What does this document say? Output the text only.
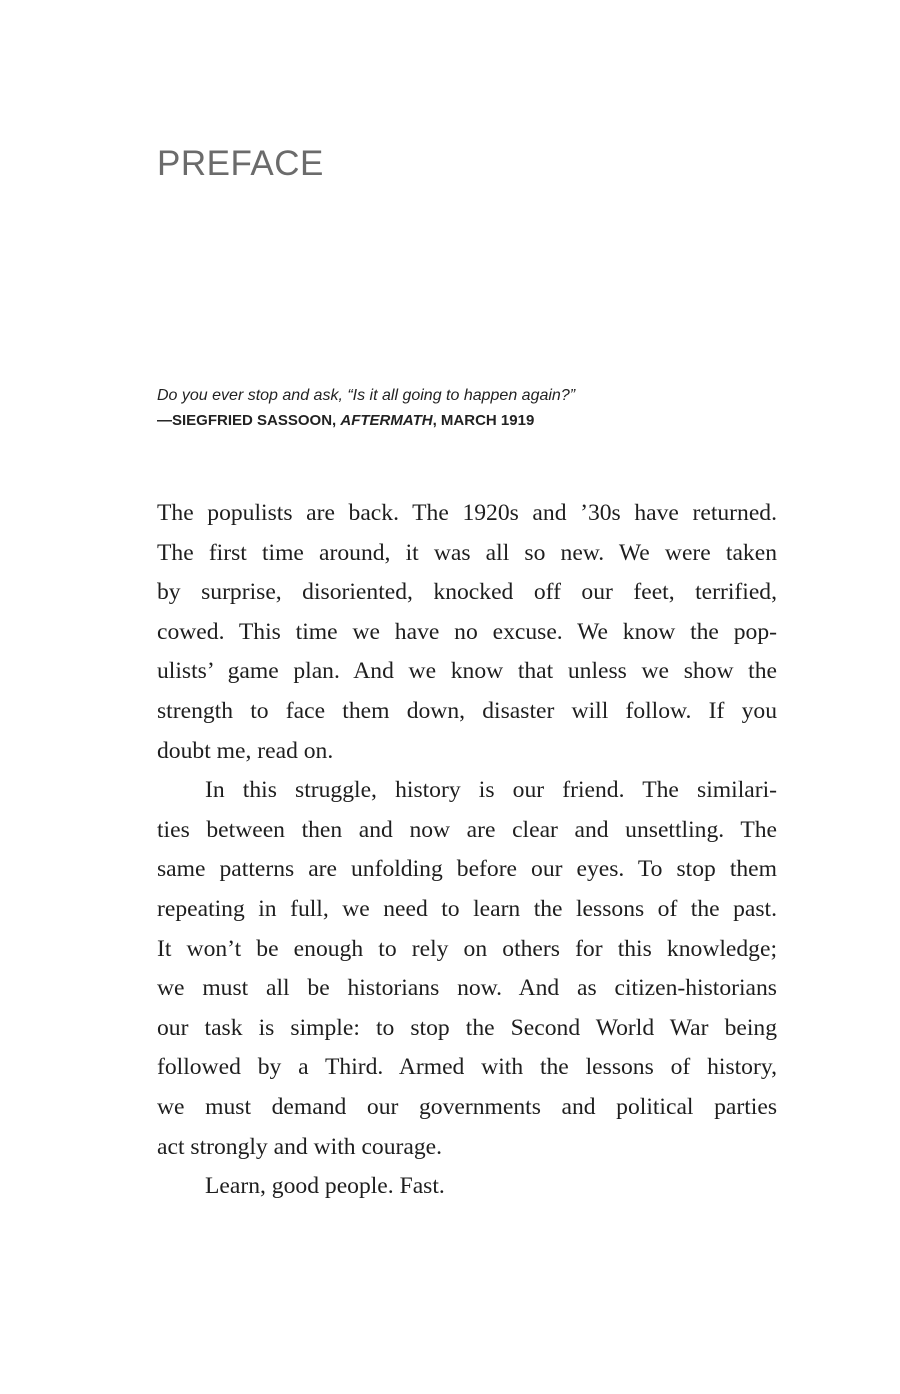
PREFACE
Do you ever stop and ask, “Is it all going to happen again?”
—SIEGFRIED SASSOON, AFTERMATH, MARCH 1919

The populists are back. The 1920s and ’30s have returned.
The first time around, it was all so new. We were taken
by surprise, disoriented, knocked off our feet, terrified,
cowed. This time we have no excuse. We know the pop-
ulists’ game plan. And we know that unless we show the
strength to face them down, disaster will follow. If you
doubt me, read on.

In this struggle, history is our friend. The similari-
ties between then and now are clear and unsettling. The
same patterns are unfolding before our eyes. To stop them
repeating in full, we need to learn the lessons of the past.
It won’t be enough to rely on others for this knowledge;
we must all be historians now. And as citizen-historians
our task is simple: to stop the Second World War being
followed by a Third. Armed with the lessons of history,
we must demand our governments and political parties
act strongly and with courage.

Learn, good people. Fast.
